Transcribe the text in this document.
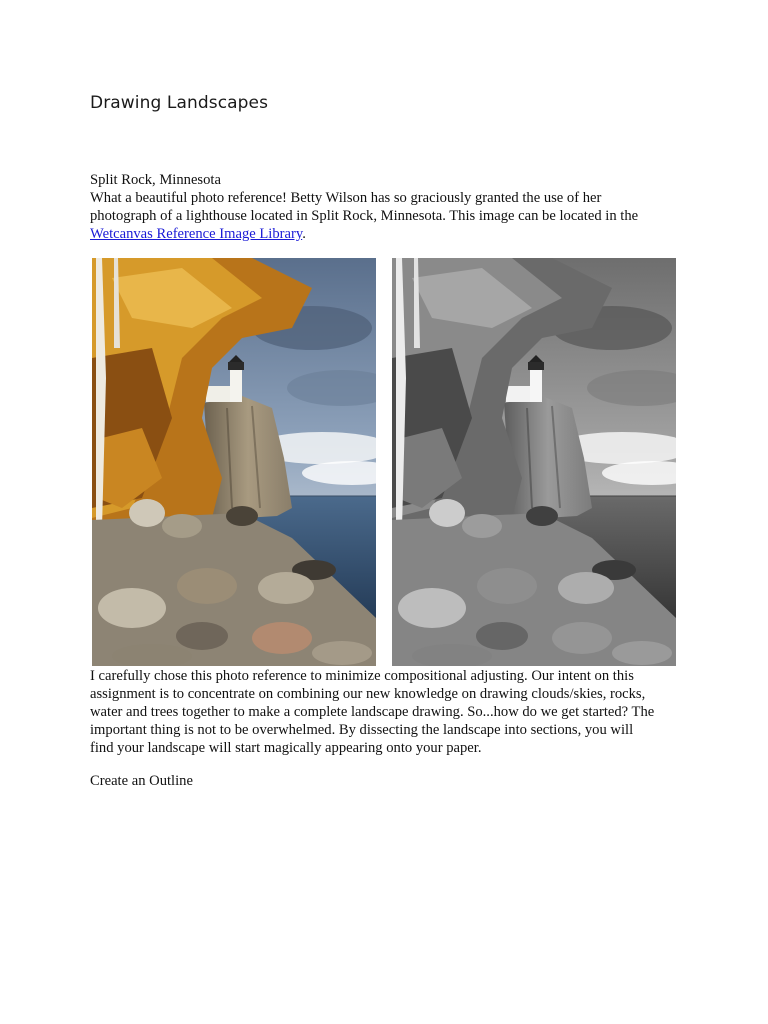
Drawing Landscapes

Split Rock, Minnesota
What a beautiful photo reference! Betty Wilson has so graciously granted the use of her
photograph of a lighthouse located in Split Rock, Minnesota. This image can be located in the
Wetcanvas Reference Image Library.

I carefully chose this photo reference to minimize compositional adjusting. Our intent on this
assignment is to concentrate on combining our new knowledge on drawing clouds/skies, rocks,
water and trees together to make a complete landscape drawing. So...how do we get started? The
important thing is not to be overwhelmed. By dissecting the landscape into sections, you will
find your landscape will start magically appearing onto your paper.

Create an Outline
